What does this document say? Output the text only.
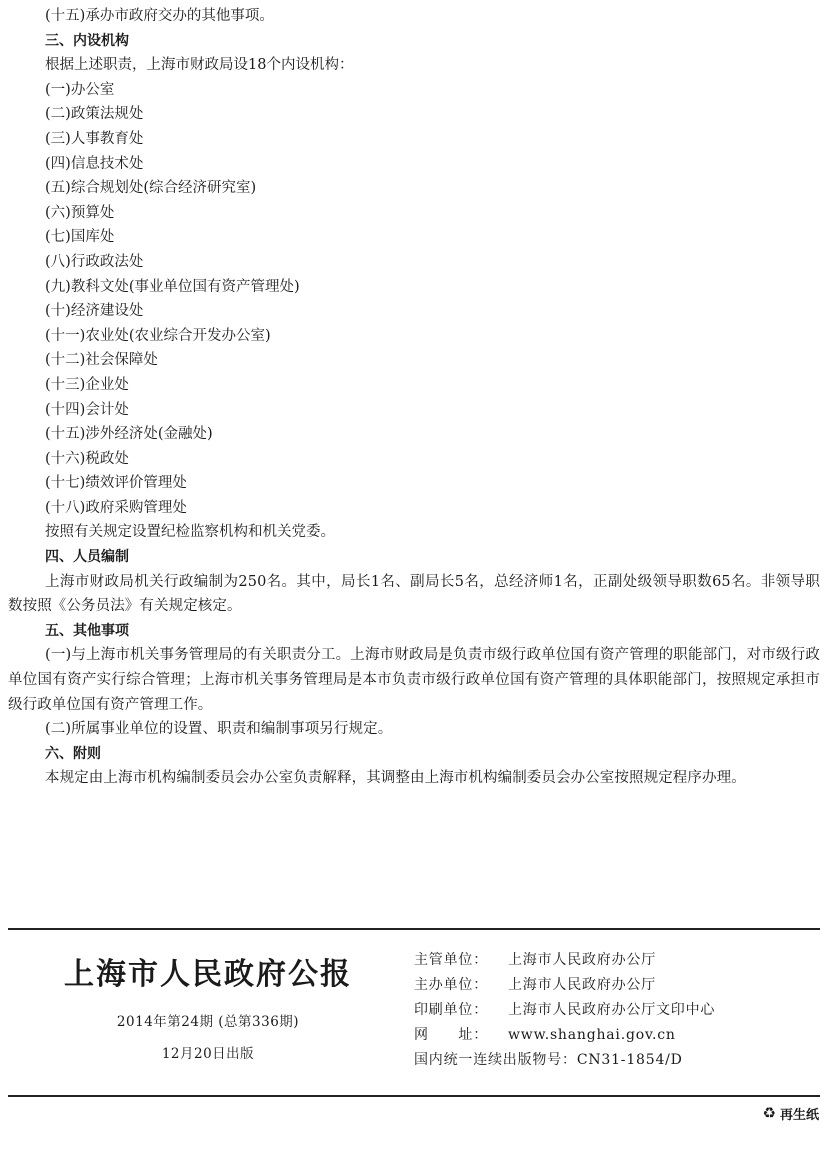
(十五)承办市政府交办的其他事项。
三、内设机构
根据上述职责，上海市财政局设18个内设机构：
(一)办公室
(二)政策法规处
(三)人事教育处
(四)信息技术处
(五)综合规划处(综合经济研究室)
(六)预算处
(七)国库处
(八)行政政法处
(九)教科文处(事业单位国有资产管理处)
(十)经济建设处
(十一)农业处(农业综合开发办公室)
(十二)社会保障处
(十三)企业处
(十四)会计处
(十五)涉外经济处(金融处)
(十六)税政处
(十七)绩效评价管理处
(十八)政府采购管理处
按照有关规定设置纪检监察机构和机关党委。
四、人员编制
上海市财政局机关行政编制为250名。其中，局长1名、副局长5名，总经济师1名，正副处级领导职数65名。非领导职数按照《公务员法》有关规定核定。
五、其他事项
(一)与上海市机关事务管理局的有关职责分工。上海市财政局是负责市级行政单位国有资产管理的职能部门，对市级行政单位国有资产实行综合管理；上海市机关事务管理局是本市负责市级行政单位国有资产管理的具体职能部门，按照规定承担市级行政单位国有资产管理工作。
(二)所属事业单位的设置、职责和编制事项另行规定。
六、附则
本规定由上海市机构编制委员会办公室负责解释，其调整由上海市机构编制委员会办公室按照规定程序办理。
上海市人民政府公报
2014年第24期 (总第336期)
12月20日出版
主管单位： 上海市人民政府办公厅
主办单位： 上海市人民政府办公厅
印刷单位： 上海市人民政府办公厅文印中心
网　　址： www.shanghai.gov.cn
国内统一连续出版物号：CN31-1854/D
♻ 再生纸
